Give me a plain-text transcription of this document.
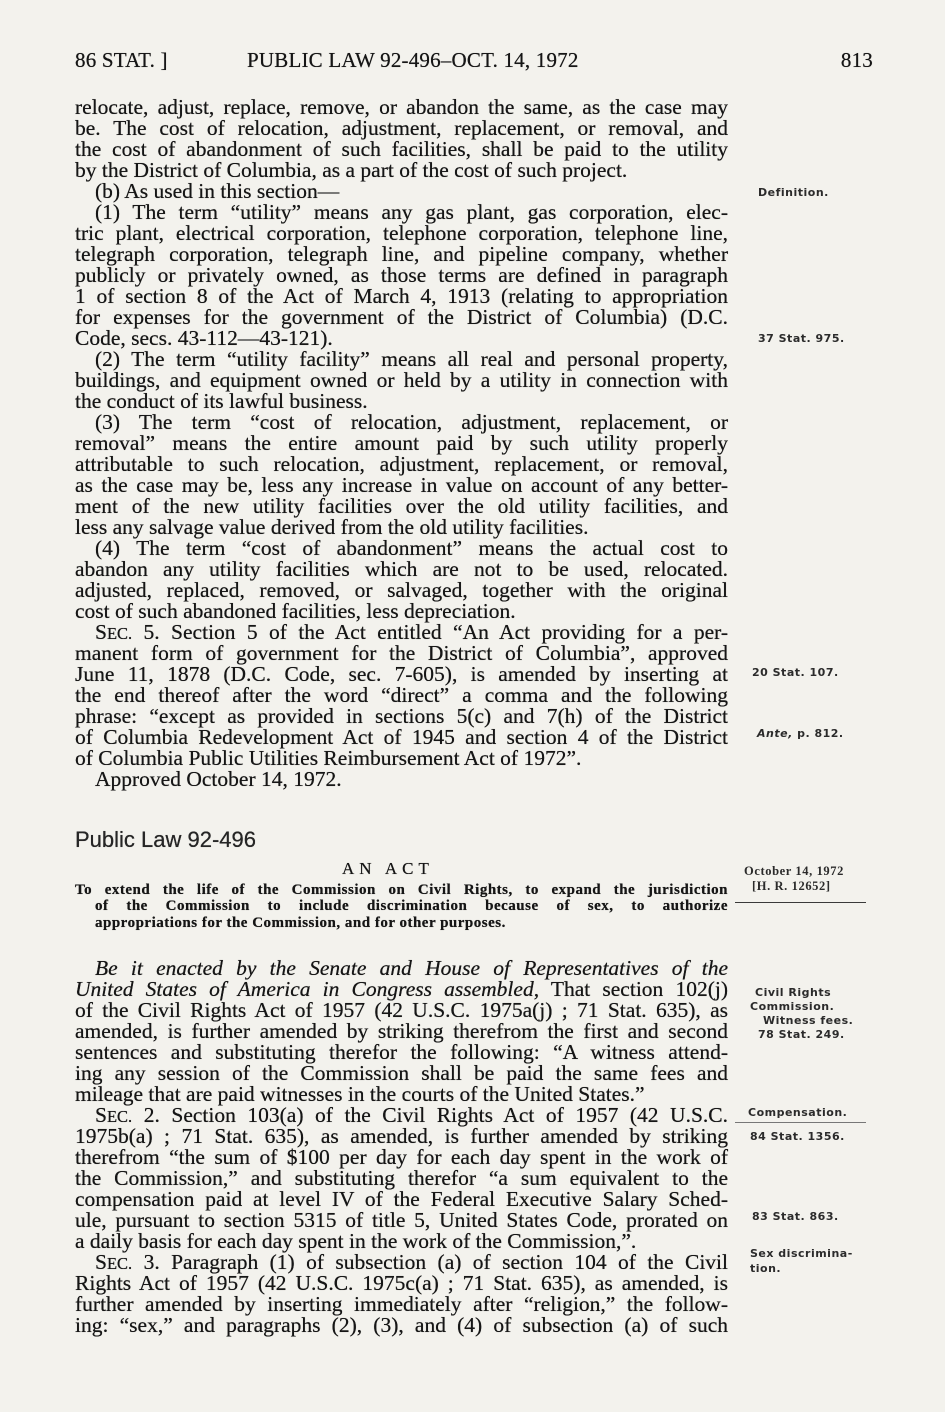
86 STAT. ]	PUBLIC LAW 92-496–OCT. 14, 1972	813
relocate, adjust, replace, remove, or abandon the same, as the case may
be. The cost of relocation, adjustment, replacement, or removal, and
the cost of abandonment of such facilities, shall be paid to the utility
by the District of Columbia, as a part of the cost of such project.
(b) As used in this section—
(1) The term “utility” means any gas plant, gas corporation, elec-
tric plant, electrical corporation, telephone corporation, telephone line,
telegraph corporation, telegraph line, and pipeline company, whether
publicly or privately owned, as those terms are defined in paragraph
1 of section 8 of the Act of March 4, 1913 (relating to appropriation
for expenses for the government of the District of Columbia) (D.C.
Code, secs. 43-112—43-121).
(2) The term “utility facility” means all real and personal property,
buildings, and equipment owned or held by a utility in connection with
the conduct of its lawful business.
(3) The term “cost of relocation, adjustment, replacement, or
removal” means the entire amount paid by such utility properly
attributable to such relocation, adjustment, replacement, or removal,
as the case may be, less any increase in value on account of any better-
ment of the new utility facilities over the old utility facilities, and
less any salvage value derived from the old utility facilities.
(4) The term “cost of abandonment” means the actual cost to
abandon any utility facilities which are not to be used, relocated.
adjusted, replaced, removed, or salvaged, together with the original
cost of such abandoned facilities, less depreciation.
SEC. 5. Section 5 of the Act entitled “An Act providing for a per-
manent form of government for the District of Columbia”, approved
June 11, 1878 (D.C. Code, sec. 7-605), is amended by inserting at
the end thereof after the word “direct” a comma and the following
phrase: “except as provided in sections 5(c) and 7(h) of the District
of Columbia Redevelopment Act of 1945 and section 4 of the District
of Columbia Public Utilities Reimbursement Act of 1972”.
Approved October 14, 1972.
Public Law 92-496
AN ACT
To extend the life of the Commission on Civil Rights, to expand the jurisdiction
of the Commission to include discrimination because of sex, to authorize
appropriations for the Commission, and for other purposes.
Be it enacted by the Senate and House of Representatives of the
United States of America in Congress assembled, That section 102(j)
of the Civil Rights Act of 1957 (42 U.S.C. 1975a(j) ; 71 Stat. 635), as
amended, is further amended by striking therefrom the first and second
sentences and substituting therefor the following: “A witness attend-
ing any session of the Commission shall be paid the same fees and
mileage that are paid witnesses in the courts of the United States.”
SEC. 2. Section 103(a) of the Civil Rights Act of 1957 (42 U.S.C.
1975b(a) ; 71 Stat. 635), as amended, is further amended by striking
therefrom “the sum of $100 per day for each day spent in the work of
the Commission,” and substituting therefor “a sum equivalent to the
compensation paid at level IV of the Federal Executive Salary Sched-
ule, pursuant to section 5315 of title 5, United States Code, prorated on
a daily basis for each day spent in the work of the Commission,”.
SEC. 3. Paragraph (1) of subsection (a) of section 104 of the Civil
Rights Act of 1957 (42 U.S.C. 1975c(a) ; 71 Stat. 635), as amended, is
further amended by inserting immediately after “religion,” the follow-
ing: “sex,” and paragraphs (2), (3), and (4) of subsection (a) of such
Definition.
37 Stat. 975.
20 Stat. 107.
Ante, p. 812.
October 14, 1972
[H. R. 12652]
Civil Rights
Commission.
Witness fees.
78 Stat. 249.
Compensation.
84 Stat. 1356.
83 Stat. 863.
Sex discrimina-
tion.
